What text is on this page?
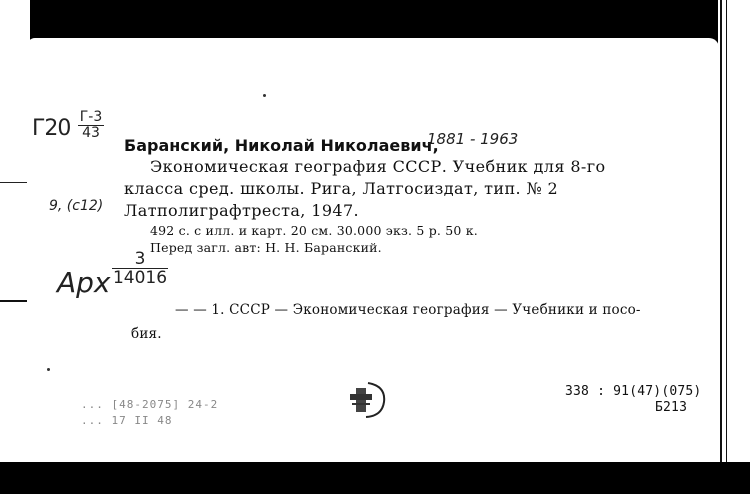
Г20 Г-3
43
Баранский, Николай Николаевич,
1881 - 1963
Экономическая география СССР. Учебник для 8-го
класса сред. школы. Рига, Латгосиздат, тип. № 2
Латполиграфтреста, 1947.
9, (с12)
492 с. с илл. и карт. 20 см. 30.000 экз. 5 р. 50 к.
Перед загл. авт: Н. Н. Баранский.
Арх
3
14016
— — 1. СССР — Экономическая география — Учебники и посо-
бия.
338 : 91(47)(075)
Б213
... [48-2075] 24-2
... 17 II 48
